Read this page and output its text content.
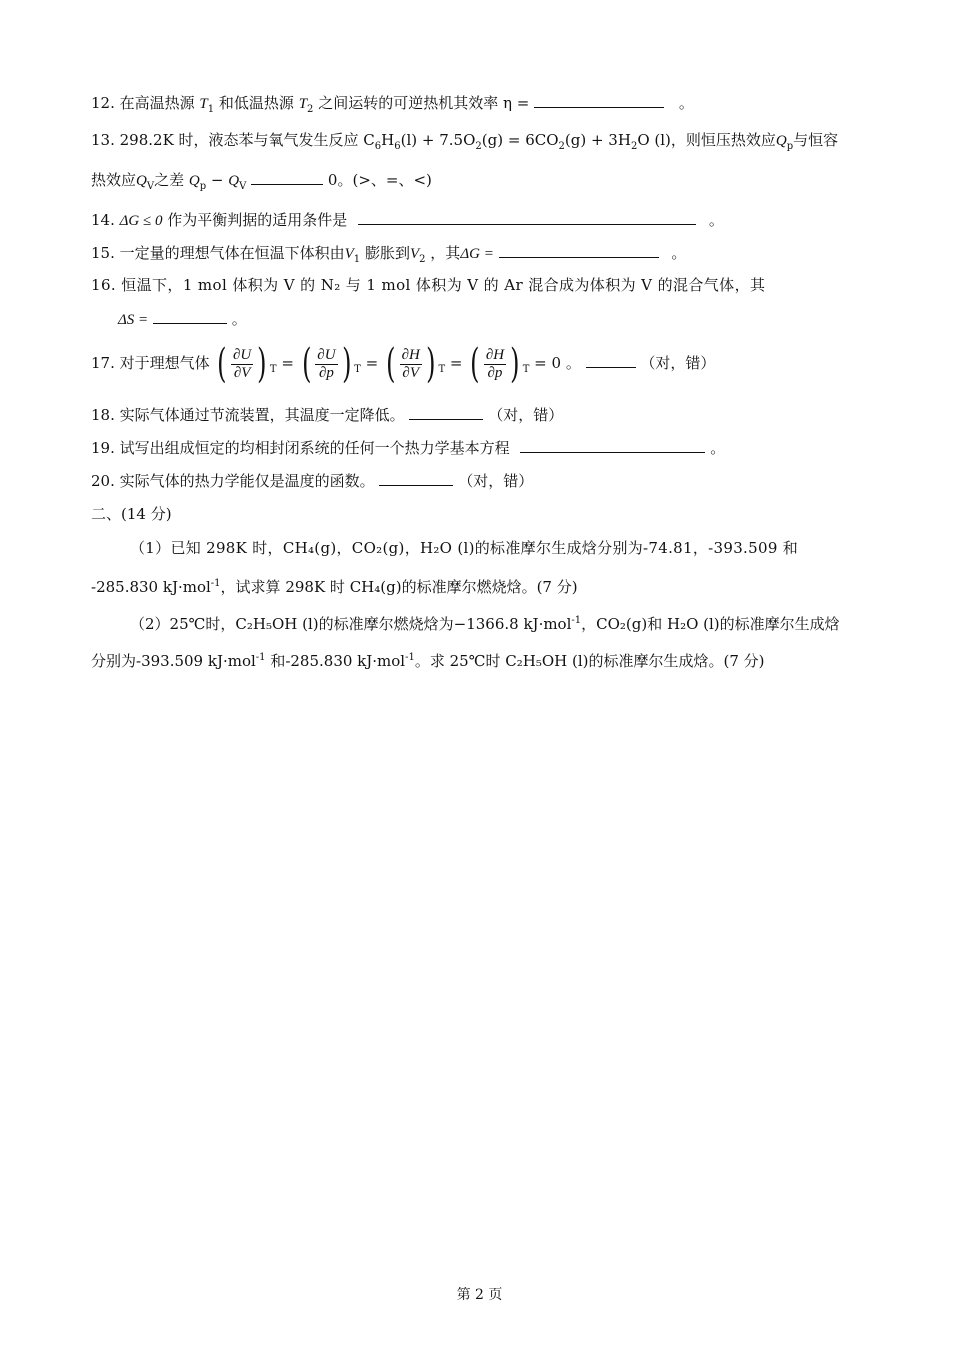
12. 在高温热源 $T_1$ 和低温热源 $T_2$ 之间运转的可逆热机其效率 η =	。
13. 298.2K 时，液态苯与氧气发生反应 $C_6H_6(l) + 7.5O_2(g) = 6CO_2(g) + 3H_2O$ (l)，则恒压热效应$Q_p$与恒容
热效应$Q_V$之差 $Q_p - Q_V$	0。(>、=、<)
14. ΔG ≤ 0 作为平衡判据的适用条件是	。
15. 一定量的理想气体在恒温下体积由$V_1$ 膨胀到$V_2$ ，其ΔG =	。
16. 恒温下，1 mol 体积为 V 的 N₂ 与 1 mol 体积为 V 的 Ar 混合成为体积为 V 的混合气体，其
ΔS =	。
17. 对于理想气体 ( $\frac{\partial U}{\partial V}$ ) $_T$ = ( $\frac{\partial U}{\partial p}$ ) $_T$ = ( $\frac{\partial H}{\partial V}$ ) $_T$ = ( $\frac{\partial H}{\partial p}$ ) $_T$ = 0 。	（对，错）
18. 实际气体通过节流装置，其温度一定降低。	（对，错）
19. 试写出组成恒定的均相封闭系统的任何一个热力学基本方程	。
20. 实际气体的热力学能仅是温度的函数。	（对，错）
二、(14 分)
（1）已知 298K 时，CH₄(g)，CO₂(g)，H₂O (l)的标准摩尔生成焓分别为-74.81，-393.509 和
-285.830 kJ·mol$^{-1}$，试求算 298K 时 CH₄(g)的标准摩尔燃烧焓。(7 分)
（2）25℃时，C₂H₅OH (l)的标准摩尔燃烧焓为−1366.8 kJ·mol$^{-1}$，CO₂(g)和 H₂O (l)的标准摩尔生成焓
分别为-393.509 kJ·mol$^{-1}$ 和-285.830 kJ·mol$^{-1}$。求 25℃时 C₂H₅OH (l)的标准摩尔生成焓。(7 分)
第 2 页
